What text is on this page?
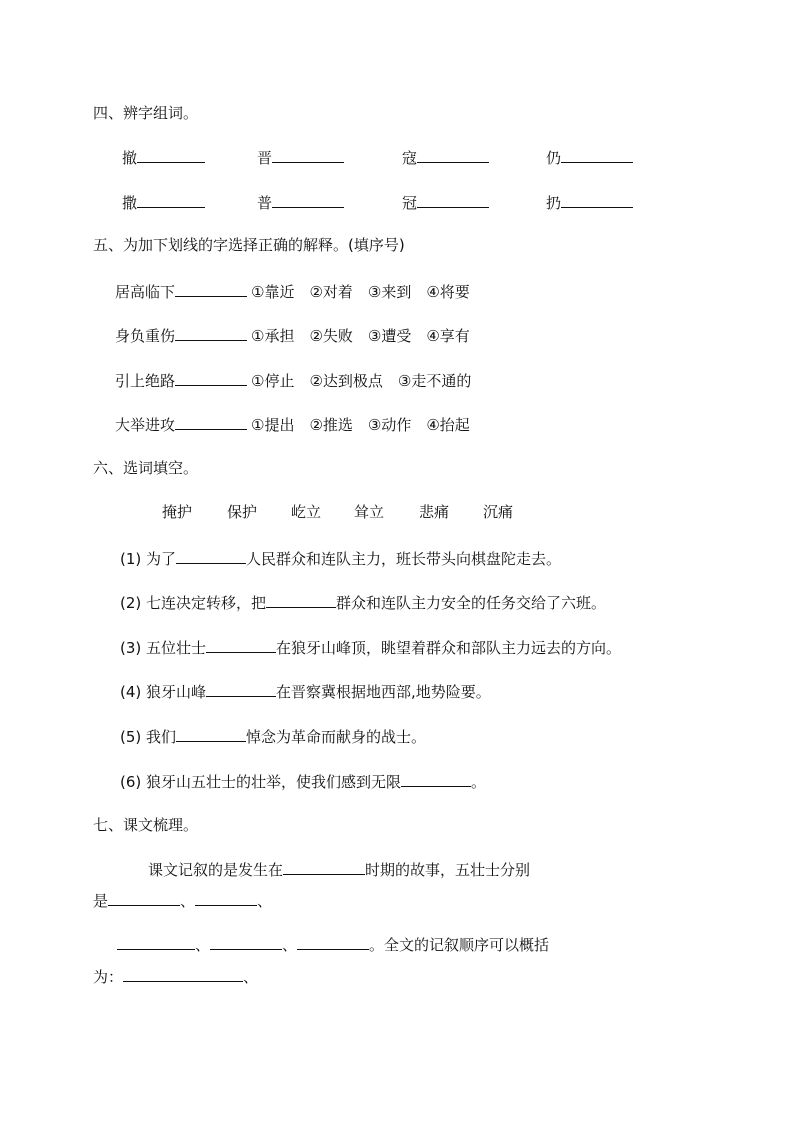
四、辨字组词。
撤	晋	寇	仍
撒	普	冠	扔
五、为加下划线的字选择正确的解释。(填序号)
居高临下	①靠近　②对着　③来到　④将要
身负重伤	①承担　②失败　③遭受　④享有
引上绝路	①停止　②达到极点　③走不通的
大举进攻	①提出　②推选　③动作　④抬起
六、选词填空。
掩护 保护 屹立 耸立 悲痛 沉痛
(1) 为了	人民群众和连队主力，班长带头向棋盘陀走去。
(2) 七连决定转移，把	群众和连队主力安全的任务交给了六班。
(3) 五位壮士	在狼牙山峰顶，眺望着群众和部队主力远去的方向。
(4) 狼牙山峰	在晋察冀根据地西部,地势险要。
(5) 我们	悼念为革命而献身的战士。
(6) 狼牙山五壮士的壮举，使我们感到无限	。
七、课文梳理。
课文记叙的是发生在	时期的故事，五壮士分别
是	、	、
、	、	。全文的记叙顺序可以概括
为：	、
